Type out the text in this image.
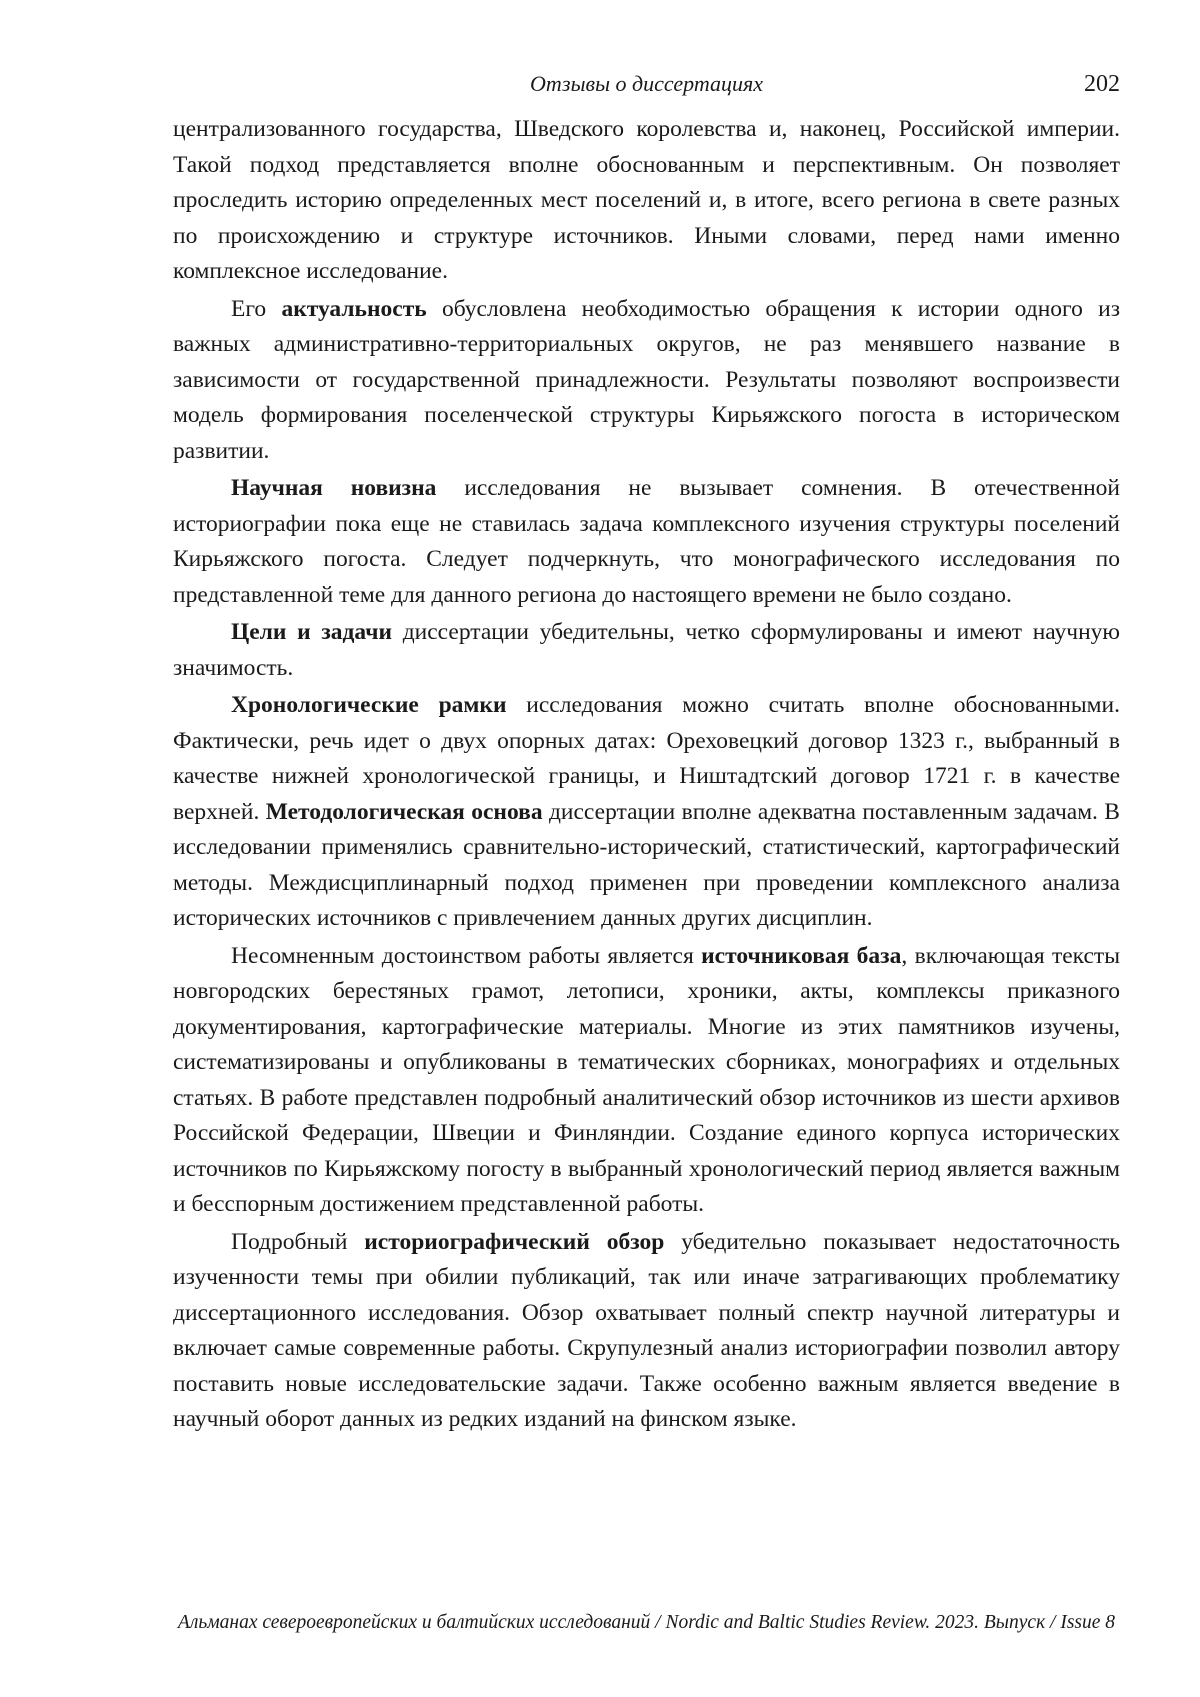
Отзывы о диссертациях	202

централизованного государства, Шведского королевства и, наконец, Российской империи. Такой подход представляется вполне обоснованным и перспективным. Он позволяет проследить историю определенных мест поселений и, в итоге, всего региона в свете разных по происхождению и структуре источников. Иными словами, перед нами именно комплексное исследование.

Его актуальность обусловлена необходимостью обращения к истории одного из важных административно-территориальных округов, не раз менявшего название в зависимости от государственной принадлежности. Результаты позволяют воспроизвести модель формирования поселенческой структуры Кирьяжского погоста в историческом развитии.

Научная новизна исследования не вызывает сомнения. В отечественной историографии пока еще не ставилась задача комплексного изучения структуры поселений Кирьяжского погоста. Следует подчеркнуть, что монографического исследования по представленной теме для данного региона до настоящего времени не было создано.

Цели и задачи диссертации убедительны, четко сформулированы и имеют научную значимость.

Хронологические рамки исследования можно считать вполне обоснованными. Фактически, речь идет о двух опорных датах: Ореховецкий договор 1323 г., выбранный в качестве нижней хронологической границы, и Ништадтский договор 1721 г. в качестве верхней. Методологическая основа диссертации вполне адекватна поставленным задачам. В исследовании применялись сравнительно-исторический, статистический, картографический методы. Междисциплинарный подход применен при проведении комплексного анализа исторических источников с привлечением данных других дисциплин.

Несомненным достоинством работы является источниковая база, включающая тексты новгородских берестяных грамот, летописи, хроники, акты, комплексы приказного документирования, картографические материалы. Многие из этих памятников изучены, систематизированы и опубликованы в тематических сборниках, монографиях и отдельных статьях. В работе представлен подробный аналитический обзор источников из шести архивов Российской Федерации, Швеции и Финляндии. Создание единого корпуса исторических источников по Кирьяжскому погосту в выбранный хронологический период является важным и бесспорным достижением представленной работы.

Подробный историографический обзор убедительно показывает недостаточность изученности темы при обилии публикаций, так или иначе затрагивающих проблематику диссертационного исследования. Обзор охватывает полный спектр научной литературы и включает самые современные работы. Скрупулезный анализ историографии позволил автору поставить новые исследовательские задачи. Также особенно важным является введение в научный оборот данных из редких изданий на финском языке.

Альманах североевропейских и балтийских исследований / Nordic and Baltic Studies Review. 2023. Выпуск / Issue 8
